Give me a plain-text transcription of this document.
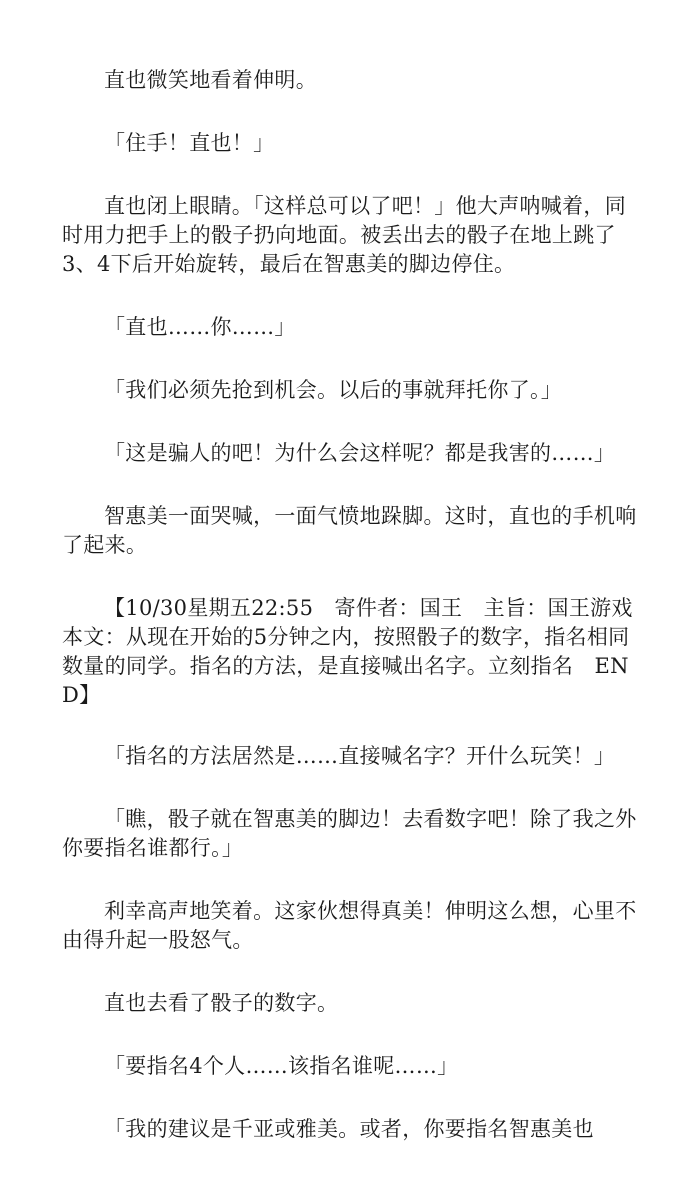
直也微笑地看着伸明。

「住手！直也！」

直也闭上眼睛。「这样总可以了吧！」他大声呐喊着，同时用力把手上的骰子扔向地面。被丢出去的骰子在地上跳了3、4下后开始旋转，最后在智惠美的脚边停住。

「直也……你……」

「我们必须先抢到机会。以后的事就拜托你了。」

「这是骗人的吧！为什么会这样呢？都是我害的……」

智惠美一面哭喊，一面气愤地跺脚。这时，直也的手机响了起来。

【10/30星期五22:55　寄件者：国王　主旨：国王游戏　本文：从现在开始的5分钟之内，按照骰子的数字，指名相同数量的同学。指名的方法，是直接喊出名字。立刻指名　END】

「指名的方法居然是……直接喊名字？开什么玩笑！」

「瞧，骰子就在智惠美的脚边！去看数字吧！除了我之外你要指名谁都行。」

利幸高声地笑着。这家伙想得真美！伸明这么想，心里不由得升起一股怒气。

直也去看了骰子的数字。

「要指名4个人……该指名谁呢……」

「我的建议是千亚或雅美。或者，你要指名智惠美也
